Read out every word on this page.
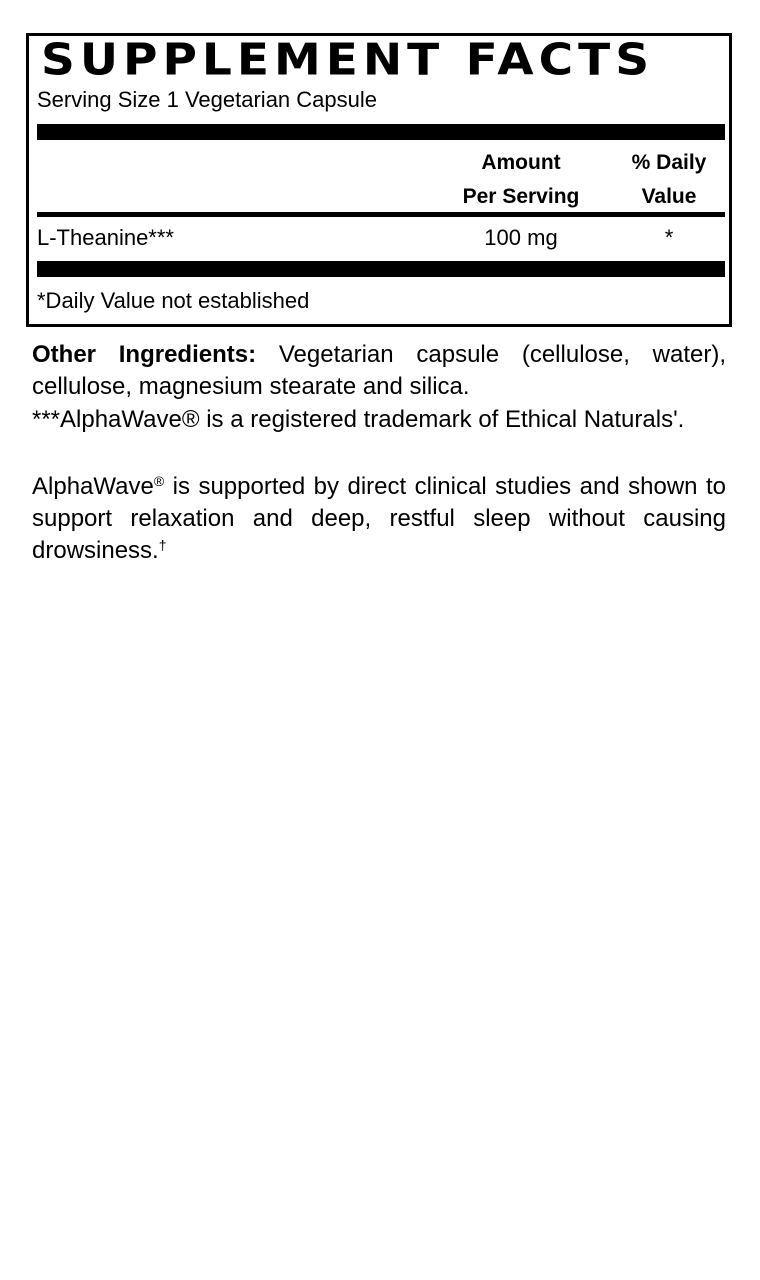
SUPPLEMENT FACTS
Serving Size 1 Vegetarian Capsule
Amount
Per Serving
% Daily
Value
L-Theanine***	100 mg	*
*Daily Value not established
Other Ingredients: Vegetarian capsule (cellulose, water), cellulose, magnesium stearate and silica.
***AlphaWave® is a registered trademark of Ethical Naturals'.
AlphaWave® is supported by direct clinical studies and shown to support relaxation and deep, restful sleep without causing drowsiness.†
